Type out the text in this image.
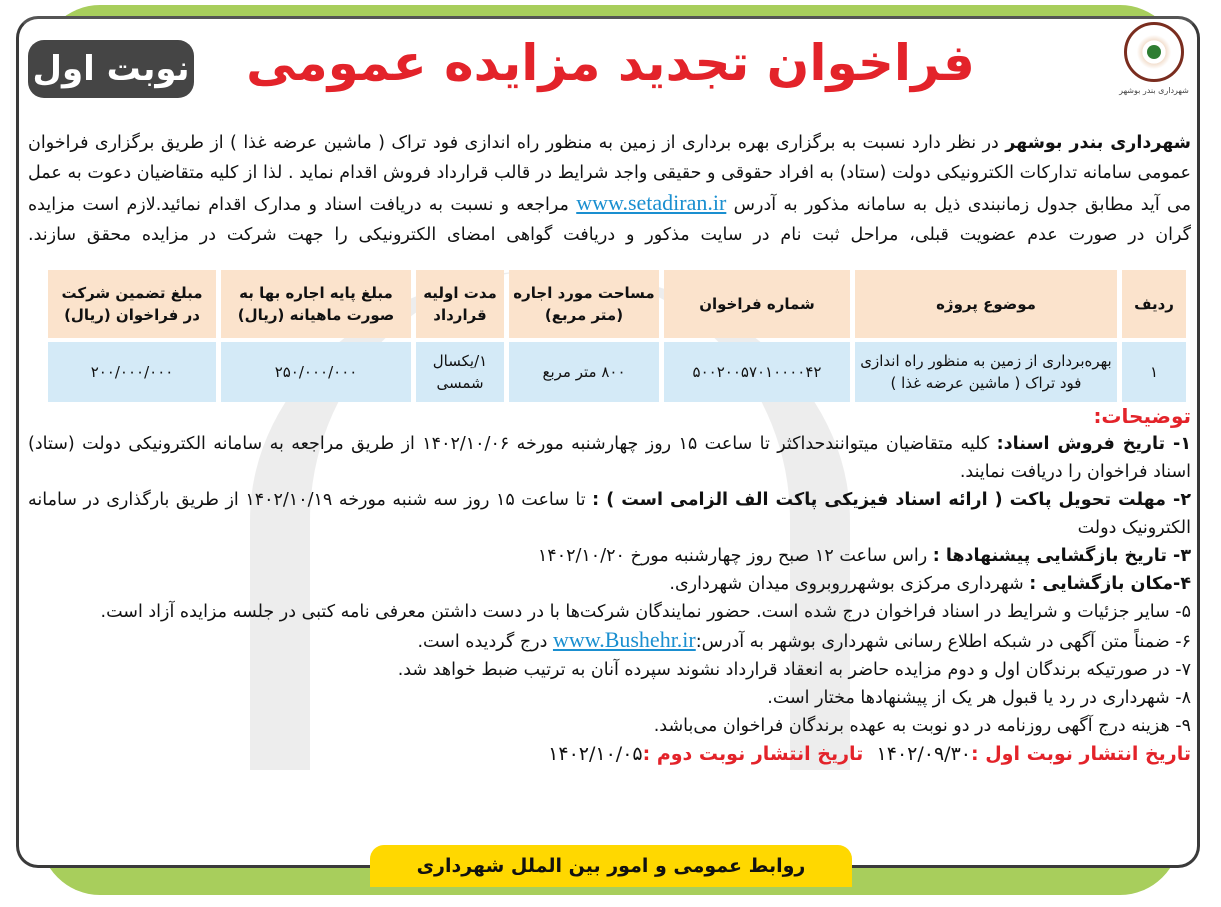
شهرداری بندر بوشهر
فراخوان تجدید مزایده عمومی
نوبت اول
شهرداری بندر بوشهر در نظر دارد نسبت به برگزاری بهره برداری از زمین به منظور راه اندازی فود تراک ( ماشین عرضه غذا ) از طریق برگزاری فراخوان عمومی سامانه تدارکات الکترونیکی دولت (ستاد) به افراد حقوقی و حقیقی واجد شرایط در قالب قرارداد فروش اقدام نماید . لذا از کلیه متقاضیان دعوت به عمل می آید مطابق جدول زمانبندی ذیل به سامانه مذکور به آدرس www.setadiran.ir مراجعه و نسبت به دریافت اسناد و مدارک اقدام نمائید.لازم است مزایده گران در صورت عدم عضویت قبلی، مراحل ثبت نام در سایت مذکور و دریافت گواهی امضای الکترونیکی را جهت شرکت در مزایده محقق سازند.
ردیف	موضوع پروژه	شماره فراخوان	مساحت مورد اجاره (متر مربع)	مدت اولیه قرارداد	مبلغ پایه اجاره بها به صورت ماهیانه (ریال)	مبلغ تضمین شرکت در فراخوان (ریال)
۱	بهره‌برداری از زمین به منظور راه اندازی فود تراک ( ماشین عرضه غذا )	۵۰۰۲۰۰۵۷۰۱۰۰۰۰۴۲	۸۰۰ متر مربع	۱/یکسال شمسی	۲۵۰/۰۰۰/۰۰۰	۲۰۰/۰۰۰/۰۰۰
توضیحات:

۱- تاریخ فروش اسناد: کلیه متقاضیان میتوانندحداکثر تا ساعت ۱۵ روز چهارشنبه مورخه ۱۴۰۲/۱۰/۰۶ از طریق مراجعه به سامانه الکترونیکی دولت (ستاد) اسناد فراخوان را دریافت نمایند.

۲- مهلت تحویل پاکت ( ارائه اسناد فیزیکی پاکت الف الزامی است ) : تا ساعت ۱۵ روز سه شنبه مورخه ۱۴۰۲/۱۰/۱۹ از طریق بارگذاری در سامانه الکترونیک دولت

۳- تاریخ بازگشایی پیشنهادها : راس ساعت ۱۲ صبح روز چهارشنبه مورخ ۱۴۰۲/۱۰/۲۰

۴-مکان بازگشایی : شهرداری مرکزی بوشهرروبروی میدان شهرداری.

۵- سایر جزئیات و شرایط در اسناد فراخوان درج شده است. حضور نمایندگان شرکت‌ها با در دست داشتن معرفی نامه کتبی در جلسه مزایده آزاد است.

۶- ضمناً متن آگهی در شبکه اطلاع رسانی شهرداری بوشهر به آدرس:www.Bushehr.ir درج گردیده است.

۷- در صورتیکه برندگان اول و دوم مزایده حاضر به انعقاد قرارداد نشوند سپرده آنان به ترتیب ضبط خواهد شد.

۸- شهرداری در رد یا قبول هر یک از پیشنهادها مختار است.

۹- هزینه درج آگهی روزنامه در دو نوبت به عهده برندگان فراخوان می‌باشد.

تاریخ انتشار نوبت اول :۱۴۰۲/۰۹/۳۰  تاریخ انتشار نوبت دوم :۱۴۰۲/۱۰/۰۵

روابط عمومی و امور بین الملل شهرداری
